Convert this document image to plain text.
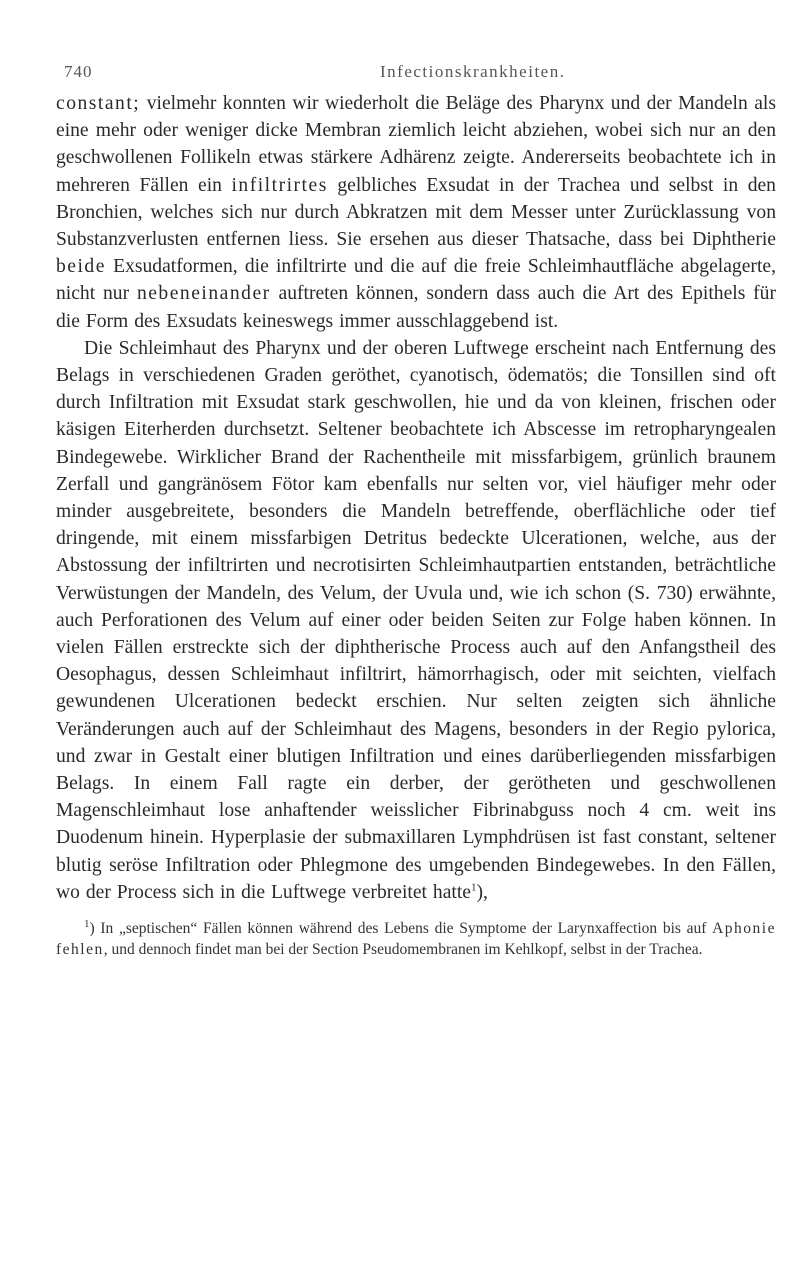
740	Infectionskrankheiten.

constant; vielmehr konnten wir wiederholt die Beläge des Pharynx und der Mandeln als eine mehr oder weniger dicke Membran ziemlich leicht abziehen, wobei sich nur an den geschwollenen Follikeln etwas stärkere Adhärenz zeigte. Andererseits beobachtete ich in mehreren Fällen ein infiltrirtes gelbliches Exsudat in der Trachea und selbst in den Bronchien, welches sich nur durch Abkratzen mit dem Messer unter Zurücklassung von Substanzverlusten entfernen liess. Sie ersehen aus dieser Thatsache, dass bei Diphtherie beide Exsudatformen, die infiltrirte und die auf die freie Schleimhautfläche abgelagerte, nicht nur nebeneinander auftreten können, sondern dass auch die Art des Epithels für die Form des Exsudats keineswegs immer ausschlaggebend ist.

Die Schleimhaut des Pharynx und der oberen Luftwege erscheint nach Entfernung des Belags in verschiedenen Graden geröthet, cyanotisch, ödematös; die Tonsillen sind oft durch Infiltration mit Exsudat stark geschwollen, hie und da von kleinen, frischen oder käsigen Eiterherden durchsetzt. Seltener beobachtete ich Abscesse im retropharyngealen Bindegewebe. Wirklicher Brand der Rachentheile mit missfarbigem, grünlich braunem Zerfall und gangränösem Fötor kam ebenfalls nur selten vor, viel häufiger mehr oder minder ausgebreitete, besonders die Mandeln betreffende, oberflächliche oder tief dringende, mit einem missfarbigen Detritus bedeckte Ulcerationen, welche, aus der Abstossung der infiltrirten und necrotisirten Schleimhautpartien entstanden, beträchtliche Verwüstungen der Mandeln, des Velum, der Uvula und, wie ich schon (S. 730) erwähnte, auch Perforationen des Velum auf einer oder beiden Seiten zur Folge haben können. In vielen Fällen erstreckte sich der diphtherische Process auch auf den Anfangstheil des Oesophagus, dessen Schleimhaut infiltrirt, hämorrhagisch, oder mit seichten, vielfach gewundenen Ulcerationen bedeckt erschien. Nur selten zeigten sich ähnliche Veränderungen auch auf der Schleimhaut des Magens, besonders in der Regio pylorica, und zwar in Gestalt einer blutigen Infiltration und eines darüberliegenden missfarbigen Belags. In einem Fall ragte ein derber, der gerötheten und geschwollenen Magenschleimhaut lose anhaftender weisslicher Fibrinabguss noch 4 cm. weit ins Duodenum hinein. Hyperplasie der submaxillaren Lymphdrüsen ist fast constant, seltener blutig seröse Infiltration oder Phlegmone des umgebenden Bindegewebes. In den Fällen, wo der Process sich in die Luftwege verbreitet hatte$^1$),

$^1$) In „septischen“ Fällen können während des Lebens die Symptome der Larynxaffection bis auf Aphonie fehlen, und dennoch findet man bei der Section Pseudomembranen im Kehlkopf, selbst in der Trachea.
